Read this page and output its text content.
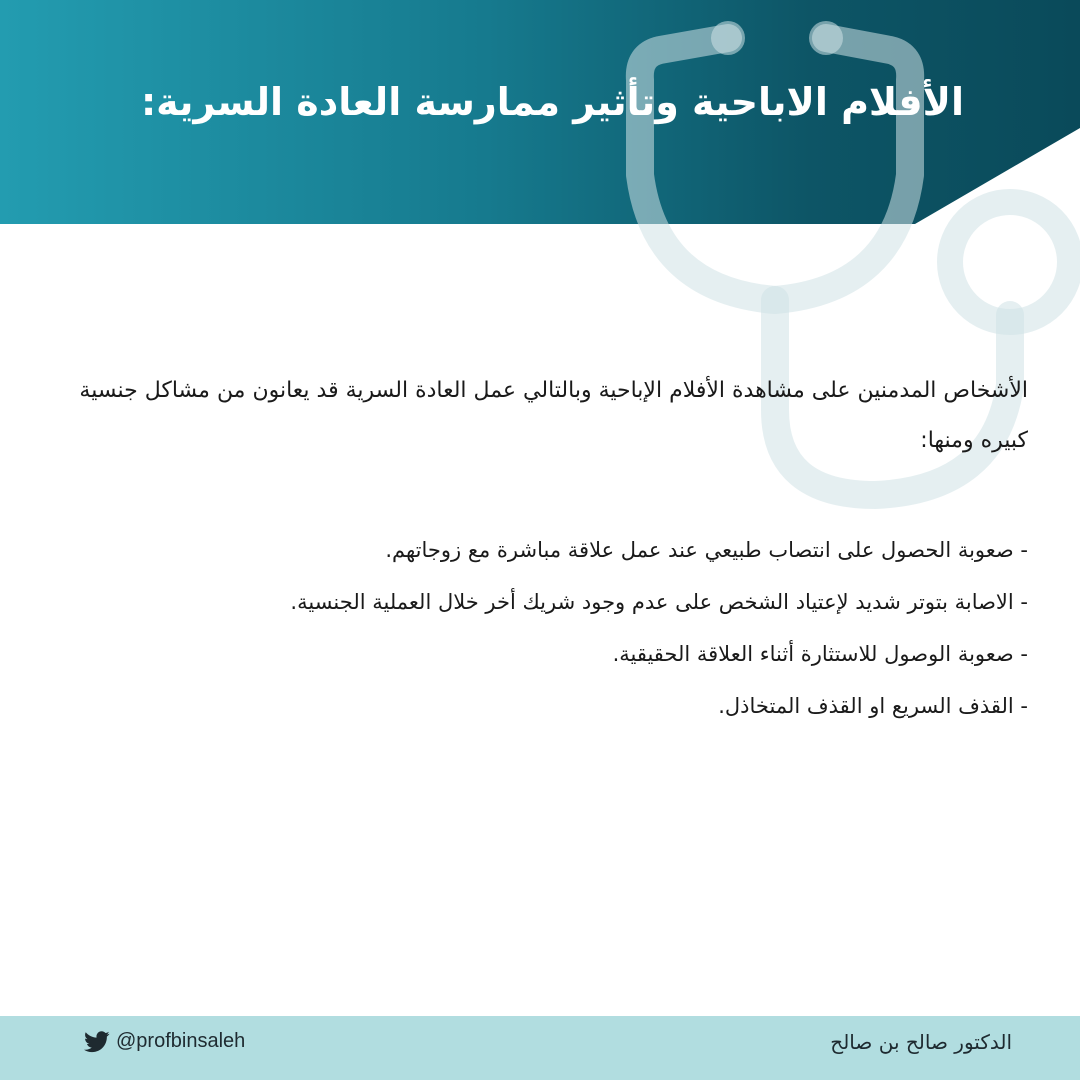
الأفلام الاباحية وتأثير ممارسة العادة السرية:

الأشخاص المدمنين على مشاهدة الأفلام الإباحية وبالتالي عمل العادة السرية قد يعانون من مشاكل جنسية كبيره ومنها:

- صعوبة الحصول على انتصاب طبيعي عند عمل علاقة مباشرة مع زوجاتهم.
- الاصابة بتوتر شديد لإعتياد الشخص على عدم وجود شريك أخر خلال العملية الجنسية.
- صعوبة الوصول للاستثارة أثناء العلاقة الحقيقية.
- القذف السريع او القذف المتخاذل.
الدكتور صالح بن صالح
@profbinsaleh
